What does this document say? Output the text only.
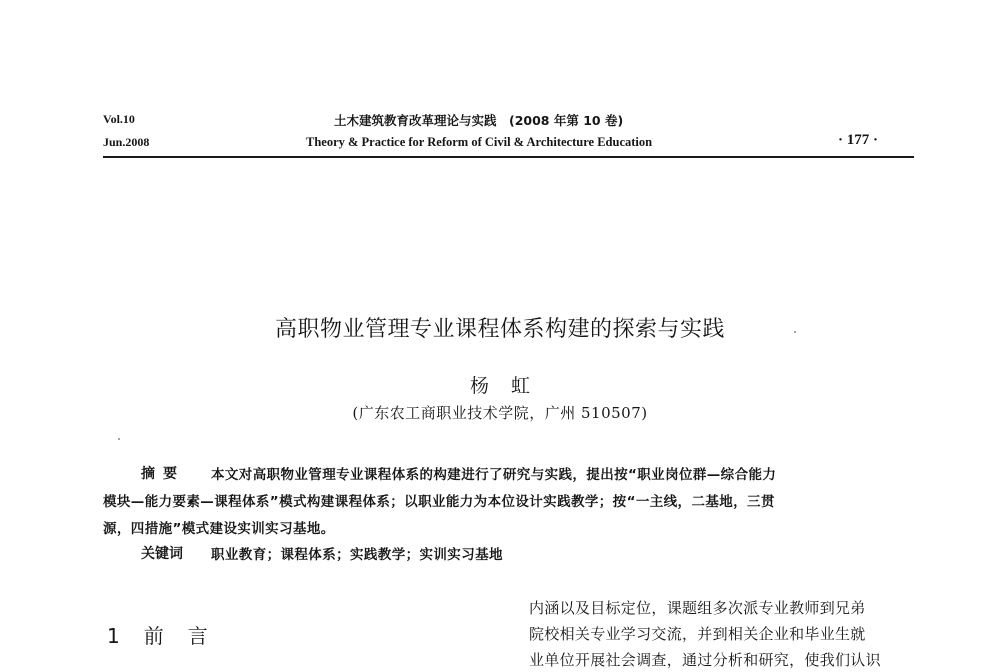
Vol.10
Jun.2008
土木建筑教育改革理论与实践　(2008 年第 10 卷)
Theory & Practice for Reform of Civil & Architecture Education	· 177 ·
高职物业管理专业课程体系构建的探索与实践
杨虹
(广东农工商职业技术学院，广州 510507)
摘要 本文对高职物业管理专业课程体系的构建进行了研究与实践，提出按“职业岗位群—综合能力
模块—能力要素—课程体系”模式构建课程体系；以职业能力为本位设计实践教学；按“一主线，二基地，三贯
源，四措施”模式建设实训实习基地。
关键词 职业教育；课程体系；实践教学；实训实习基地
1　前　言
内涵以及目标定位，课题组多次派专业教师到兄弟
院校相关专业学习交流，并到相关企业和毕业生就
业单位开展社会调查，通过分析和研究，使我们认识
